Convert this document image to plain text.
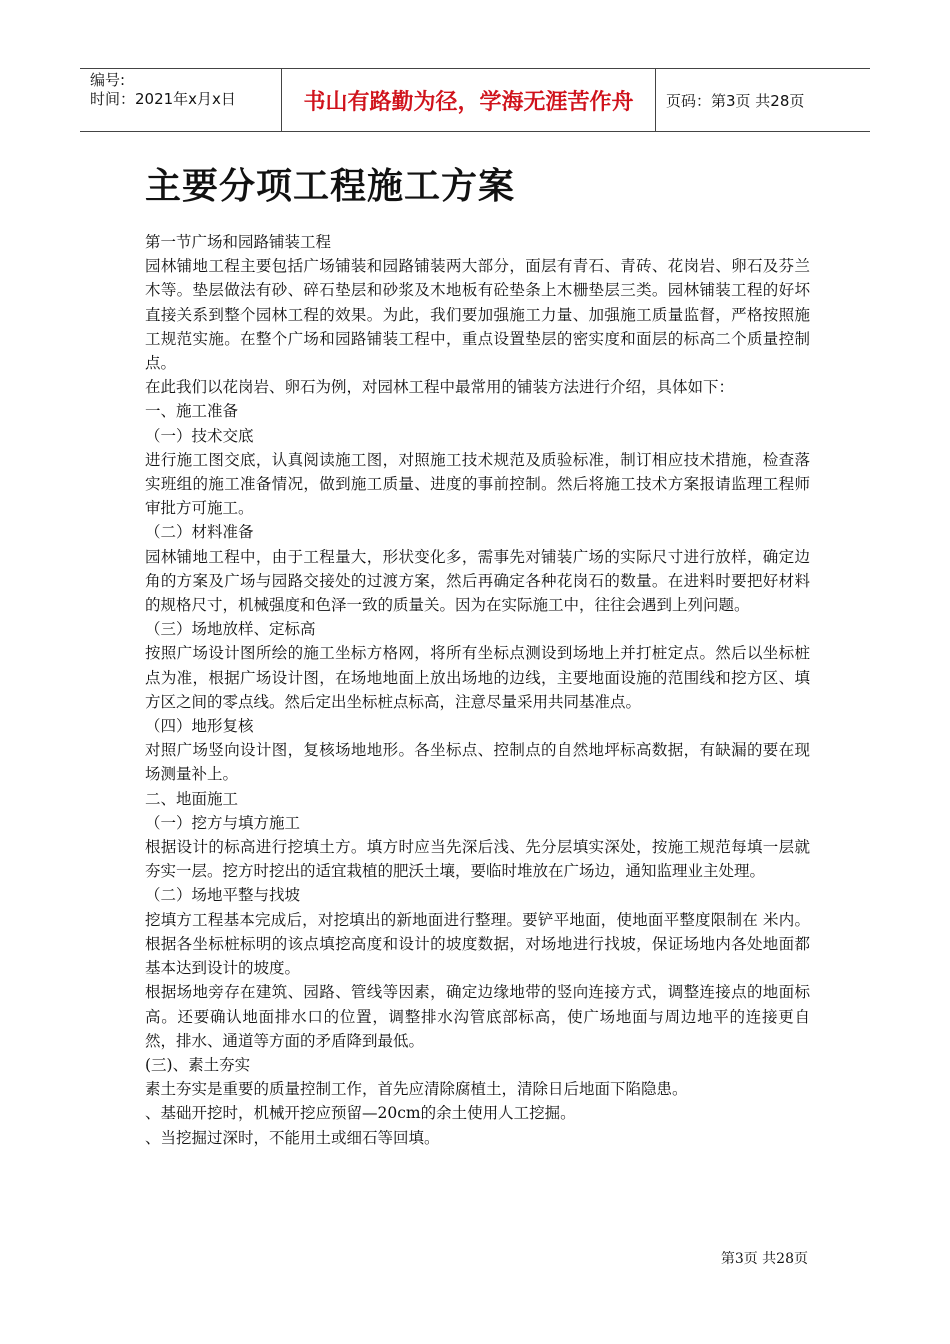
编号:
时间：2021年x月x日	书山有路勤为径，学海无涯苦作舟	页码：第3页 共28页
主要分项工程施工方案

第一节广场和园路铺装工程

园林铺地工程主要包括广场铺装和园路铺装两大部分，面层有青石、青砖、花岗岩、卵石及芬兰木等。垫层做法有砂、碎石垫层和砂浆及木地板有砼垫条上木栅垫层三类。园林铺装工程的好坏直接关系到整个园林工程的效果。为此，我们要加强施工力量、加强施工质量监督，严格按照施工规范实施。在整个广场和园路铺装工程中，重点设置垫层的密实度和面层的标高二个质量控制点。

在此我们以花岗岩、卵石为例，对园林工程中最常用的铺装方法进行介绍，具体如下：

一、施工准备

（一）技术交底

进行施工图交底，认真阅读施工图，对照施工技术规范及质验标准，制订相应技术措施，检查落实班组的施工准备情况，做到施工质量、进度的事前控制。然后将施工技术方案报请监理工程师审批方可施工。

（二）材料准备

园林铺地工程中，由于工程量大，形状变化多，需事先对铺装广场的实际尺寸进行放样，确定边角的方案及广场与园路交接处的过渡方案，然后再确定各种花岗石的数量。在进料时要把好材料的规格尺寸，机械强度和色泽一致的质量关。因为在实际施工中，往往会遇到上列问题。

（三）场地放样、定标高

按照广场设计图所绘的施工坐标方格网，将所有坐标点测设到场地上并打桩定点。然后以坐标桩点为准，根据广场设计图，在场地地面上放出场地的边线，主要地面设施的范围线和挖方区、填方区之间的零点线。然后定出坐标桩点标高，注意尽量采用共同基准点。

（四）地形复核

对照广场竖向设计图，复核场地地形。各坐标点、控制点的自然地坪标高数据，有缺漏的要在现场测量补上。

二、地面施工

（一）挖方与填方施工

根据设计的标高进行挖填土方。填方时应当先深后浅、先分层填实深处，按施工规范每填一层就夯实一层。挖方时挖出的适宜栽植的肥沃土壤，要临时堆放在广场边，通知监理业主处理。

（二）场地平整与找坡

挖填方工程基本完成后，对挖填出的新地面进行整理。要铲平地面，使地面平整度限制在 米内。根据各坐标桩标明的该点填挖高度和设计的坡度数据，对场地进行找坡，保证场地内各处地面都基本达到设计的坡度。

根据场地旁存在建筑、园路、管线等因素，确定边缘地带的竖向连接方式，调整连接点的地面标高。还要确认地面排水口的位置，调整排水沟管底部标高，使广场地面与周边地平的连接更自然，排水、通道等方面的矛盾降到最低。

(三)、素土夯实

素土夯实是重要的质量控制工作，首先应清除腐植土，清除日后地面下陷隐患。

、基础开挖时，机械开挖应预留—20cm的余土使用人工挖掘。

、当挖掘过深时，不能用土或细石等回填。

第3页 共28页
